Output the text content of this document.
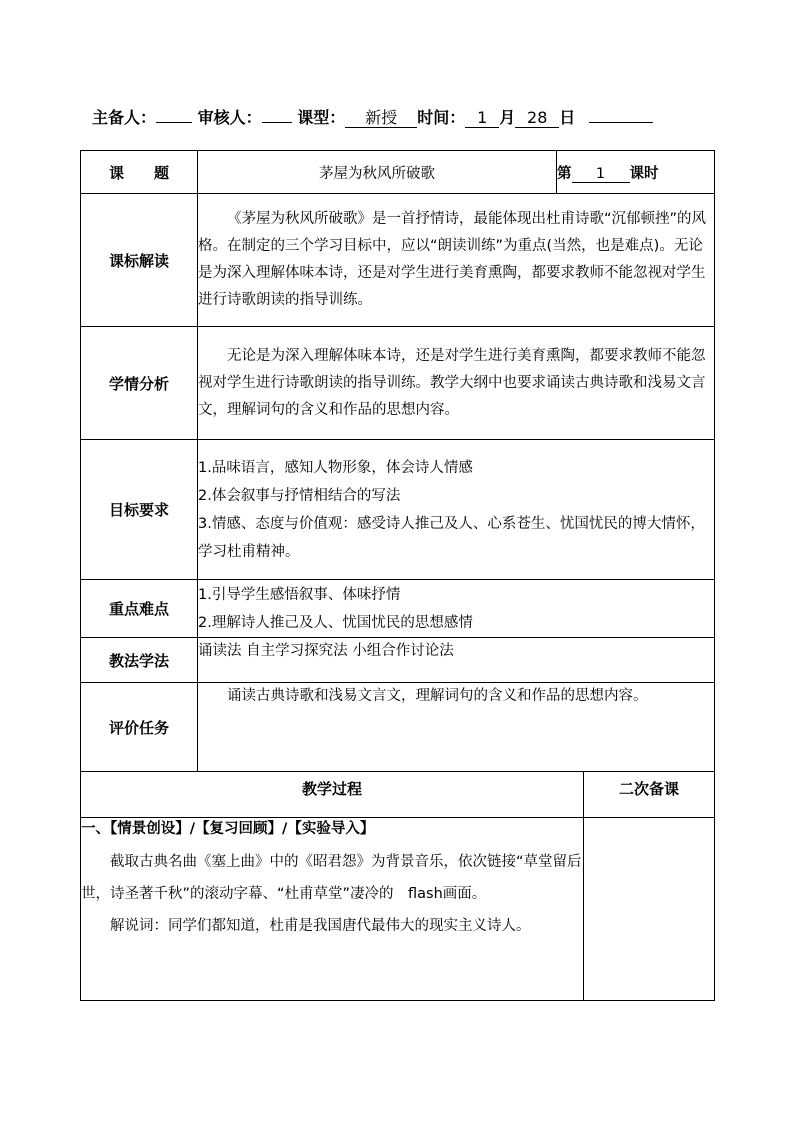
主备人：	审核人： 课型： 新授 时间： 1 月 28 日
课　　题	茅屋为秋风所破歌	第 1 课时	
课标解读	《茅屋为秋风所破歌》是一首抒情诗，最能体现出杜甫诗歌“沉郁顿挫”的风格。在制定的三个学习目标中，应以“朗读训练”为重点(当然，也是难点)。无论是为深入理解体味本诗，还是对学生进行美育熏陶，都要求教师不能忽视对学生进行诗歌朗读的指导训练。		
学情分析	无论是为深入理解体味本诗，还是对学生进行美育熏陶，都要求教师不能忽视对学生进行诗歌朗读的指导训练。教学大纲中也要求诵读古典诗歌和浅易文言文，理解词句的含义和作品的思想内容。		
目标要求	1.品味语言，感知人物形象，体会诗人情感
2.体会叙事与抒情相结合的写法
3.情感、态度与价值观：感受诗人推己及人、心系苍生、忧国忧民的博大情怀，学习杜甫精神。		

重点难点	1.引导学生感悟叙事、体味抒情
2.理解诗人推己及人、忧国忧民的思想感情		

教法学法	诵读法 自主学习探究法 小组合作讨论法		
评价任务	诵读古典诗歌和浅易文言文，理解词句的含义和作品的思想内容。		
教学过程			二次备课

一、【情景创设】/【复习回顾】/【实验导入】
截取古典名曲《塞上曲》中的《昭君怨》为背景音乐，依次链接“草堂留后世，诗圣著千秋”的滚动字幕、“杜甫草堂”凄冷的　flash画面。
解说词：同学们都知道，杜甫是我国唐代最伟大的现实主义诗人。			
